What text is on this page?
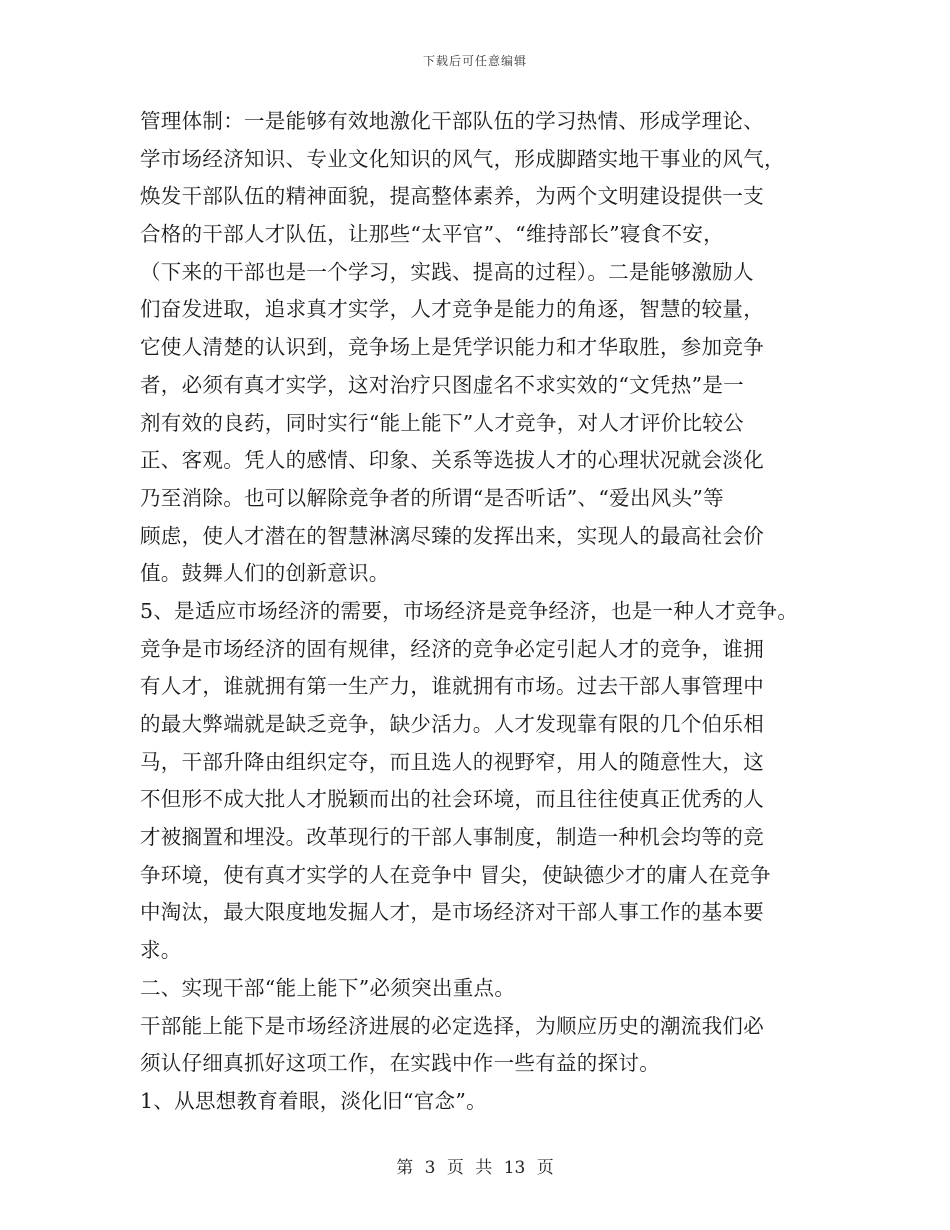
下载后可任意编辑
管理体制：一是能够有效地激化干部队伍的学习热情、形成学理论、
学市场经济知识、专业文化知识的风气，形成脚踏实地干事业的风气，
焕发干部队伍的精神面貌，提高整体素养，为两个文明建设提供一支
合格的干部人才队伍，让那些“太平官”、“维持部长”寝食不安，
（下来的干部也是一个学习，实践、提高的过程）。二是能够激励人
们奋发进取，追求真才实学，人才竞争是能力的角逐，智慧的较量，
它使人清楚的认识到，竞争场上是凭学识能力和才华取胜，参加竞争
者，必须有真才实学，这对治疗只图虚名不求实效的“文凭热”是一
剂有效的良药，同时实行“能上能下”人才竞争，对人才评价比较公
正、客观。凭人的感情、印象、关系等选拔人才的心理状况就会淡化
乃至消除。也可以解除竞争者的所谓“是否听话”、“爱出风头”等
顾虑，使人才潜在的智慧淋漓尽臻的发挥出来，实现人的最高社会价
值。鼓舞人们的创新意识。
5、是适应市场经济的需要，市场经济是竞争经济，也是一种人才竞争。
竞争是市场经济的固有规律，经济的竞争必定引起人才的竞争，谁拥
有人才，谁就拥有第一生产力，谁就拥有市场。过去干部人事管理中
的最大弊端就是缺乏竞争，缺少活力。人才发现靠有限的几个伯乐相
马，干部升降由组织定夺，而且选人的视野窄，用人的随意性大，这
不但形不成大批人才脱颖而出的社会环境，而且往往使真正优秀的人
才被搁置和埋没。改革现行的干部人事制度，制造一种机会均等的竞
争环境，使有真才实学的人在竞争中 冒尖，使缺德少才的庸人在竞争
中淘汰，最大限度地发掘人才，是市场经济对干部人事工作的基本要
求。
二、实现干部“能上能下”必须突出重点。
干部能上能下是市场经济进展的必定选择，为顺应历史的潮流我们必
须认仔细真抓好这项工作，在实践中作一些有益的探讨。
1、从思想教育着眼，淡化旧“官念”。
第 3 页 共 13 页
